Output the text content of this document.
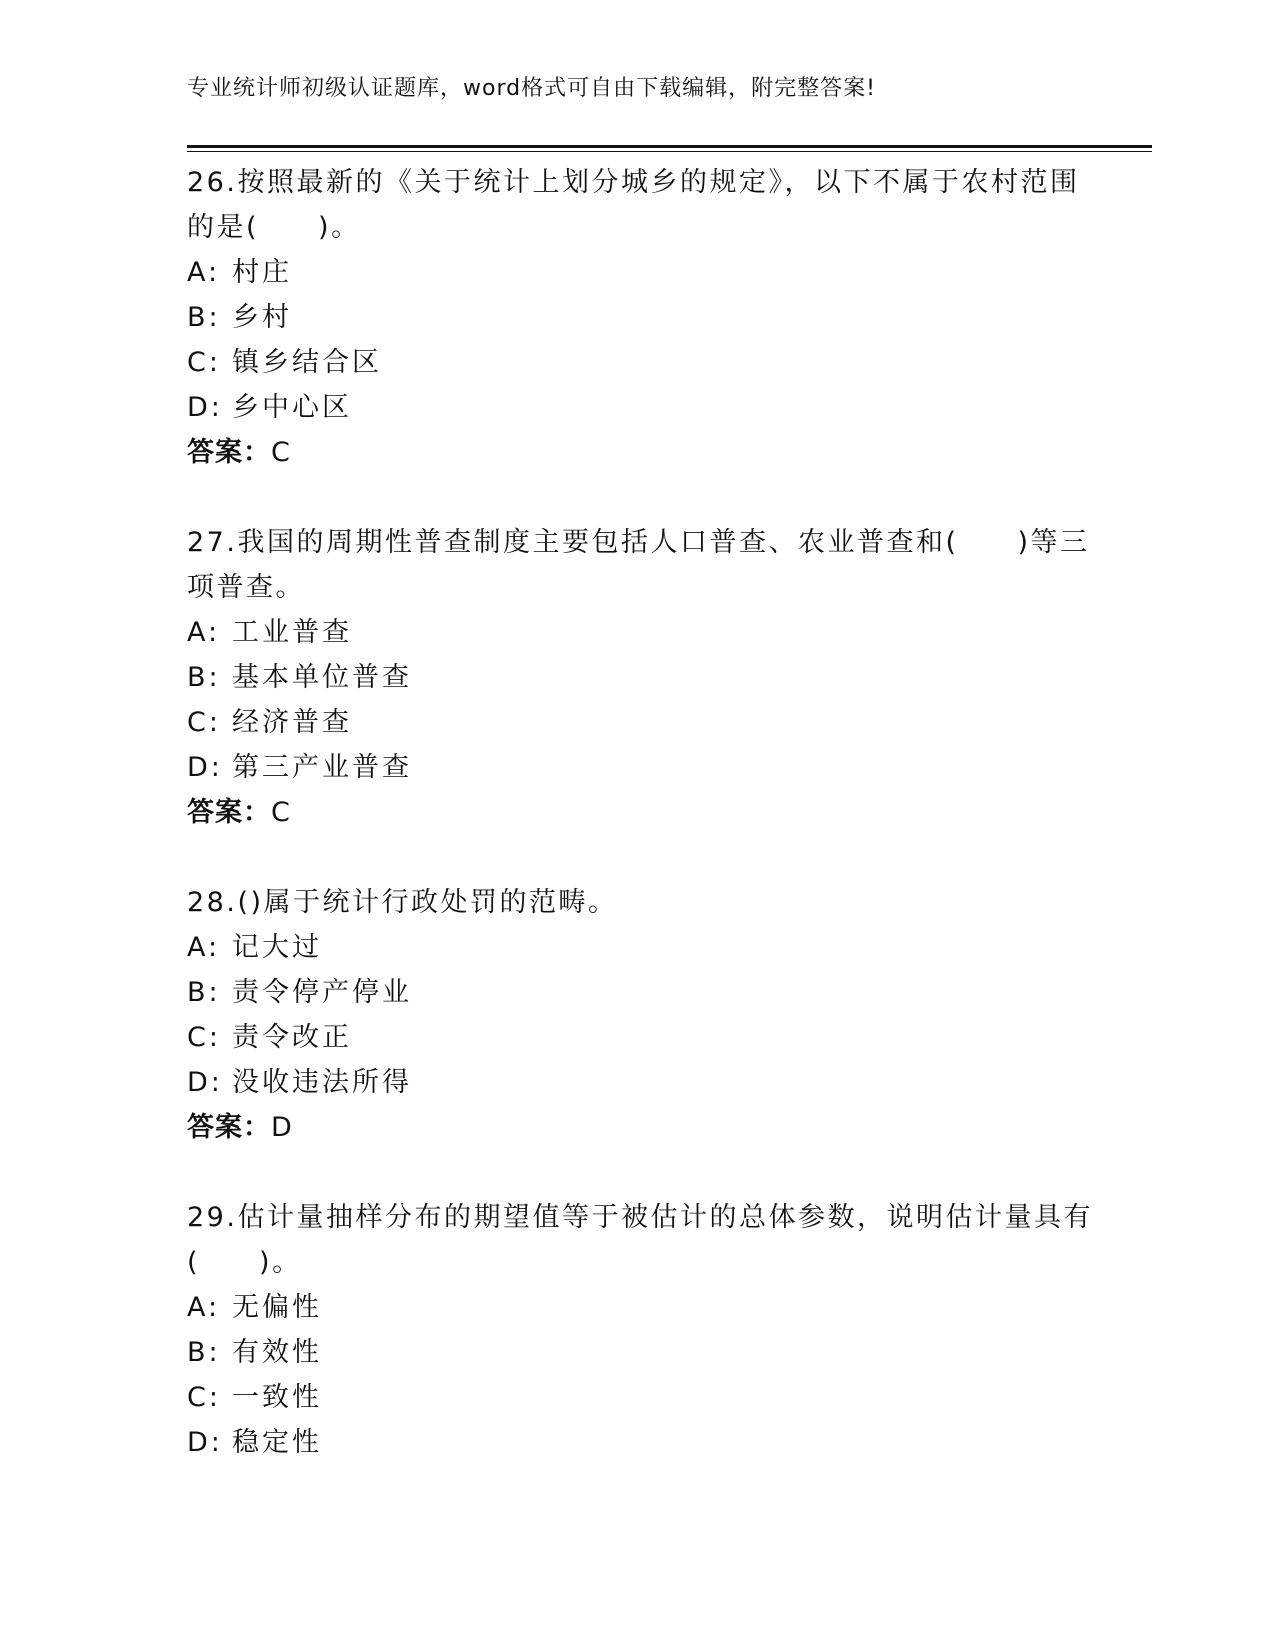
专业统计师初级认证题库，word格式可自由下载编辑，附完整答案!
26.按照最新的《关于统计上划分城乡的规定》，以下不属于农村范围
的是(　　)。
A: 村庄
B: 乡村
C: 镇乡结合区
D: 乡中心区
答案：C
27.我国的周期性普查制度主要包括人口普查、农业普查和(　　)等三
项普查。
A: 工业普查
B: 基本单位普查
C: 经济普查
D: 第三产业普查
答案：C
28.()属于统计行政处罚的范畴。
A: 记大过
B: 责令停产停业
C: 责令改正
D: 没收违法所得
答案：D
29.估计量抽样分布的期望值等于被估计的总体参数，说明估计量具有
(　　)。
A: 无偏性
B: 有效性
C: 一致性
D: 稳定性
